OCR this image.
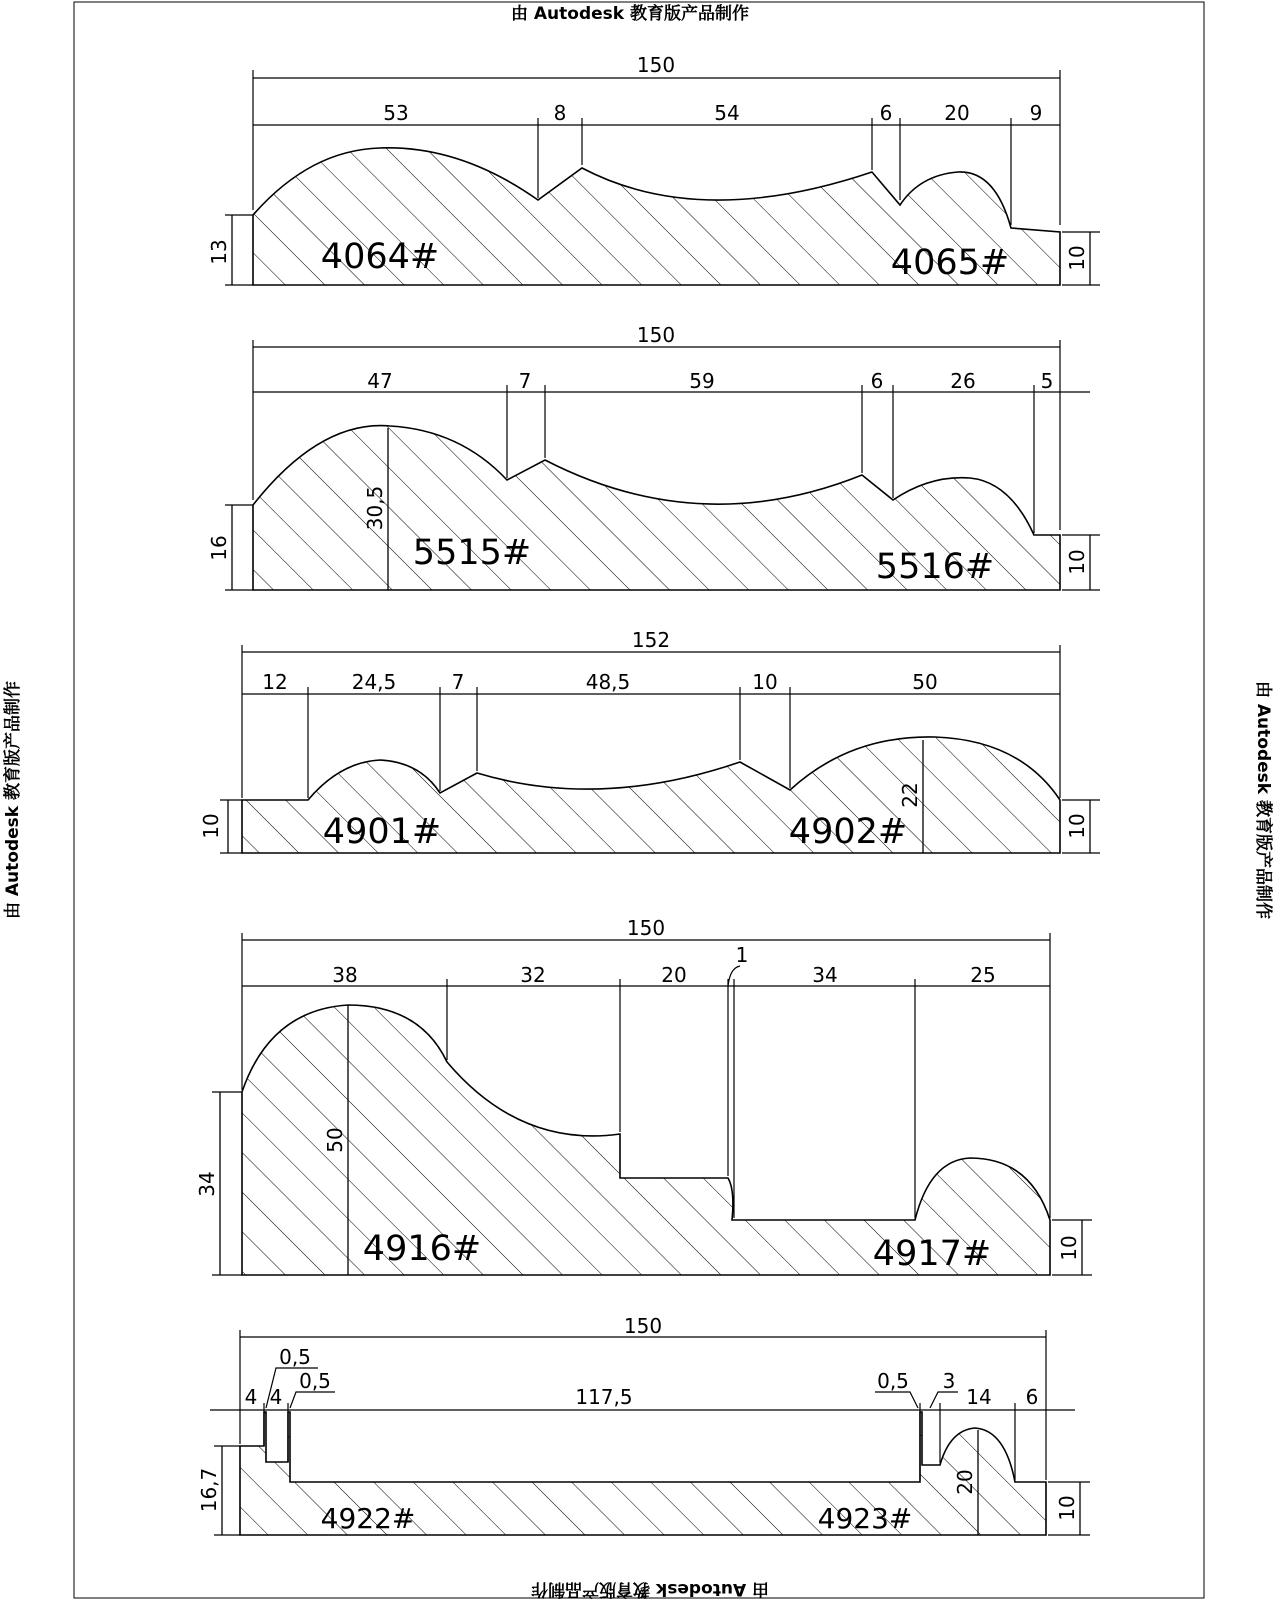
由 Autodesk 教育版产品制作
由 Autodesk 教育版产品制作
由 Autodesk 教育版产品制作	由 Autodesk 教育版产品制作
150
53	8	54	6	20	9
13	10
4064#	4065#
150
47	7	59	6	26	5
30,5
16
10
5515#	5516#
152
12	24,5	7	48,5	10	50
22
10	10
4901#	4902#
150
38	32	20
1
34	25
50
34
10
4916#	4917#
150
4 4
0,5
0,5
117,5
0,5 3
14 6
20
16,7	10
4922#	4923#
